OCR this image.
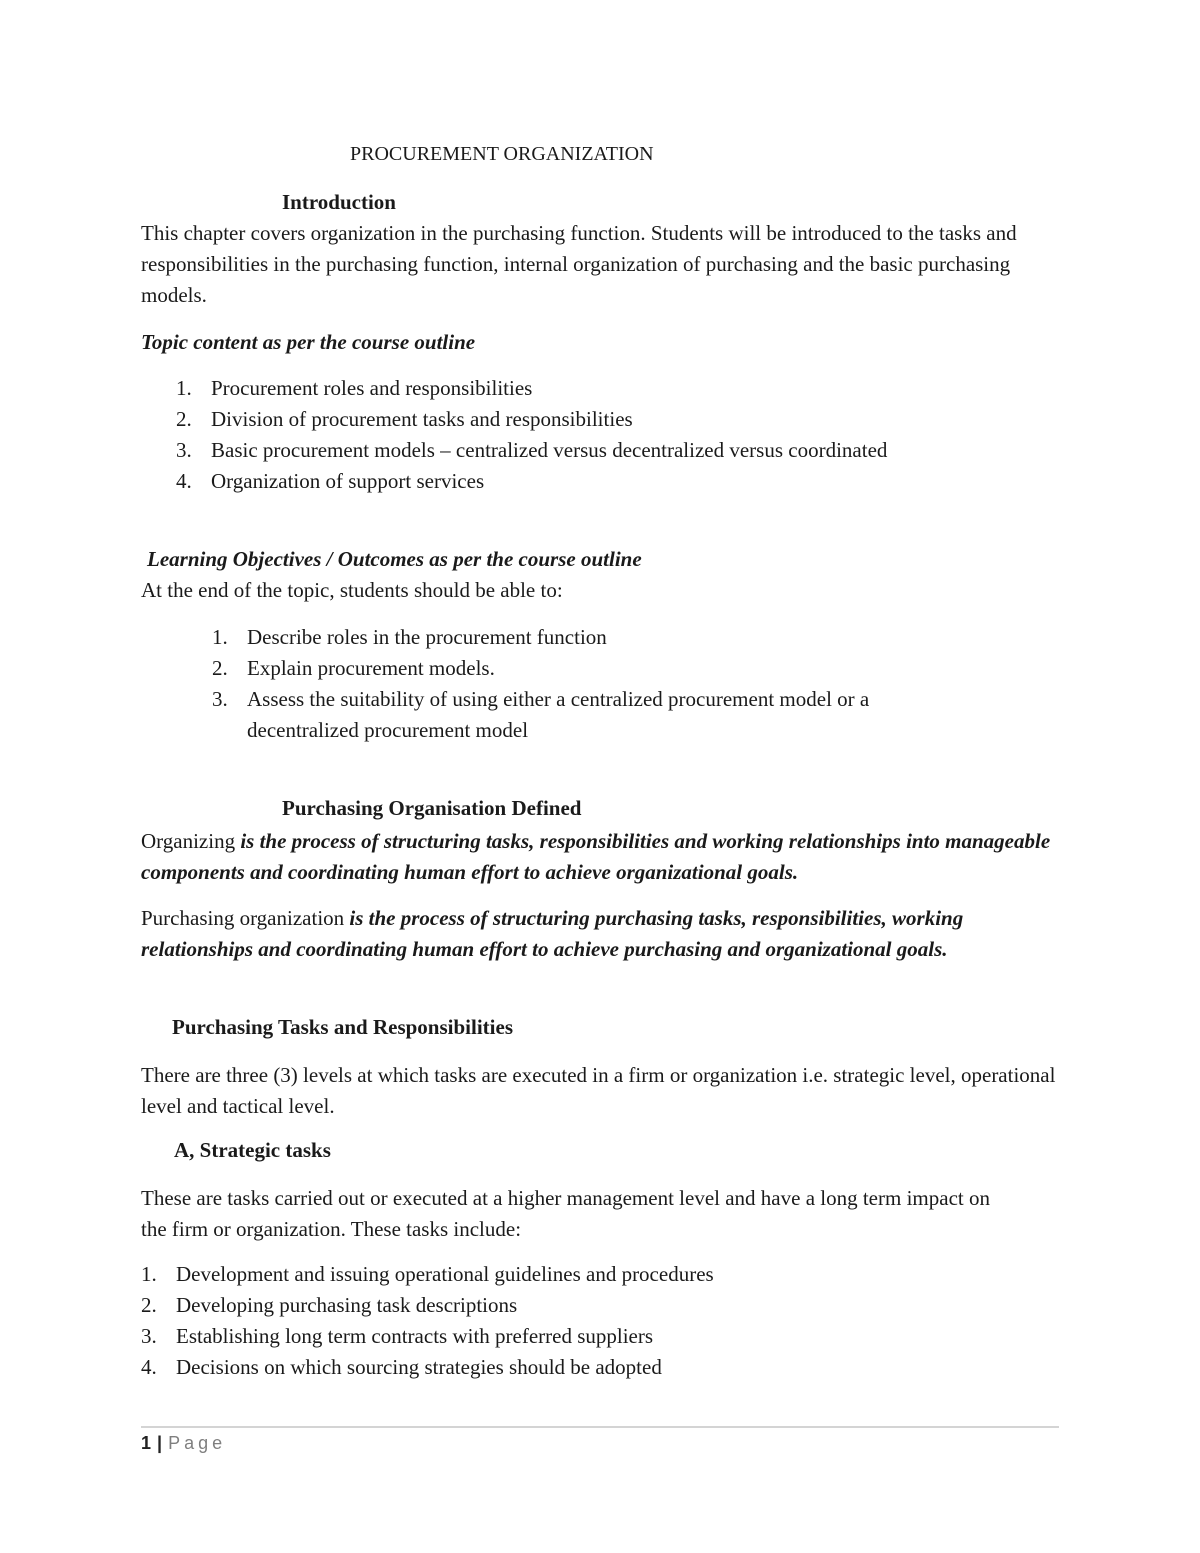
PROCUREMENT ORGANIZATION
Introduction
This chapter covers organization in the purchasing function. Students will be introduced to the tasks and responsibilities in the purchasing function, internal organization of purchasing and the basic purchasing models.
Topic content as per the course outline
1. Procurement roles and responsibilities
2. Division of procurement tasks and responsibilities
3. Basic procurement models – centralized versus decentralized versus coordinated
4. Organization of support services
Learning Objectives / Outcomes as per the course outline
At the end of the topic, students should be able to:
1. Describe roles in the procurement function
2. Explain procurement models.
3. Assess the suitability of using either a centralized procurement model or a
decentralized procurement model
Purchasing Organisation Defined
Organizing is the process of structuring tasks, responsibilities and working relationships into manageable components and coordinating human effort to achieve organizational goals.
Purchasing organization is the process of structuring purchasing tasks, responsibilities, working relationships and coordinating human effort to achieve purchasing and organizational goals.
Purchasing Tasks and Responsibilities
There are three (3) levels at which tasks are executed in a firm or organization i.e. strategic level, operational level and tactical level.
A, Strategic tasks
These are tasks carried out or executed at a higher management level and have a long term impact on the firm or organization. These tasks include:
1. Development and issuing operational guidelines and procedures
2. Developing purchasing task descriptions
3. Establishing long term contracts with preferred suppliers
4. Decisions on which sourcing strategies should be adopted
1 | Page
